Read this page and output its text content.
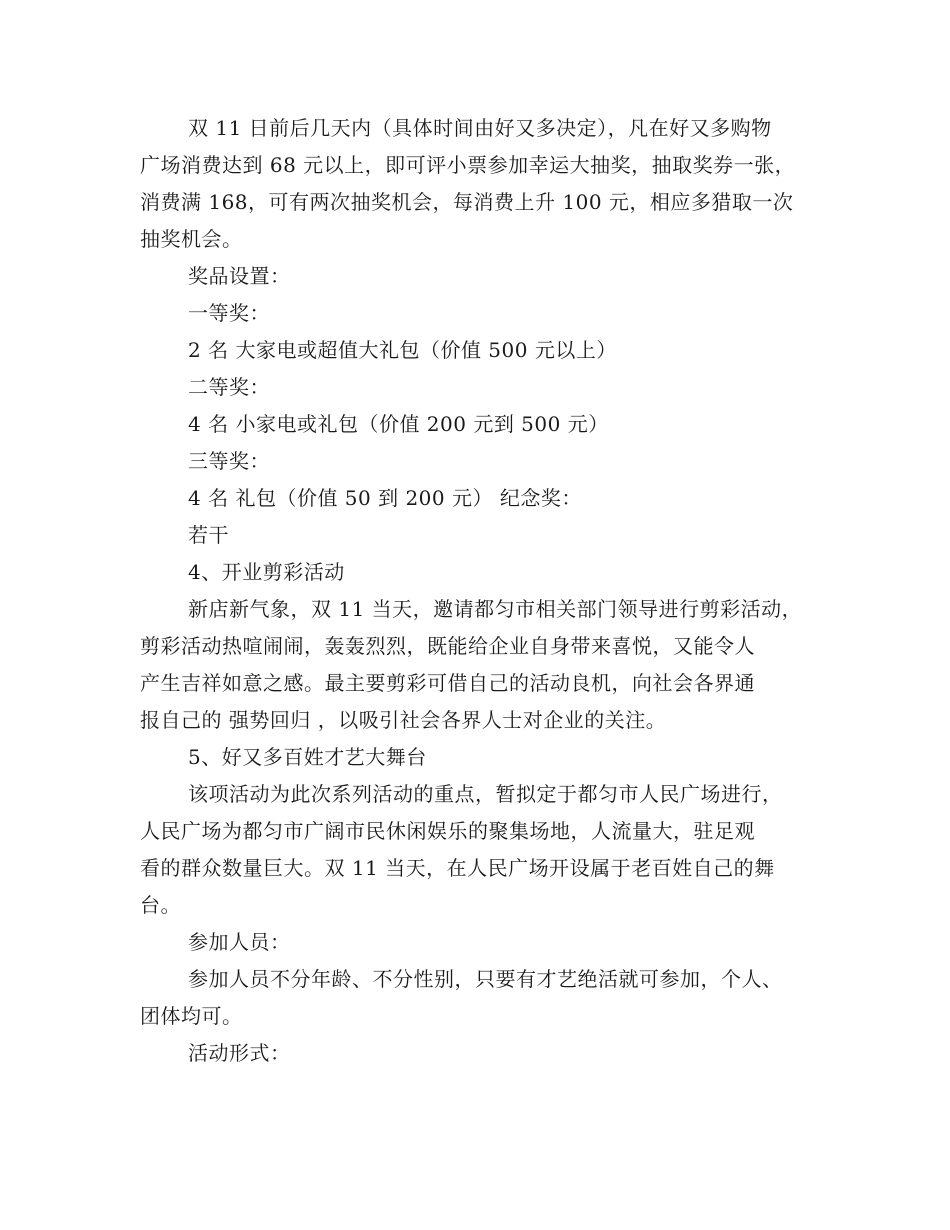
双 11 日前后几天内（具体时间由好又多决定），凡在好又多购物
广场消费达到 68 元以上，即可评小票参加幸运大抽奖，抽取奖券一张，
消费满 168，可有两次抽奖机会，每消费上升 100 元，相应多猎取一次
抽奖机会。
奖品设置：
一等奖：
2 名 大家电或超值大礼包（价值 500 元以上）
二等奖：
4 名 小家电或礼包（价值 200 元到 500 元）
三等奖：
4 名 礼包（价值 50 到 200 元） 纪念奖：
若干
4、开业剪彩活动
新店新气象，双 11 当天，邀请都匀市相关部门领导进行剪彩活动，
剪彩活动热喧闹闹，轰轰烈烈，既能给企业自身带来喜悦，又能令人
产生吉祥如意之感。最主要剪彩可借自己的活动良机，向社会各界通
报自己的 强势回归 ，以吸引社会各界人士对企业的关注。
5、好又多百姓才艺大舞台
该项活动为此次系列活动的重点，暂拟定于都匀市人民广场进行，
人民广场为都匀市广阔市民休闲娱乐的聚集场地，人流量大，驻足观
看的群众数量巨大。双 11 当天，在人民广场开设属于老百姓自己的舞
台。
参加人员：
参加人员不分年龄、不分性别，只要有才艺绝活就可参加，个人、
团体均可。
活动形式：
